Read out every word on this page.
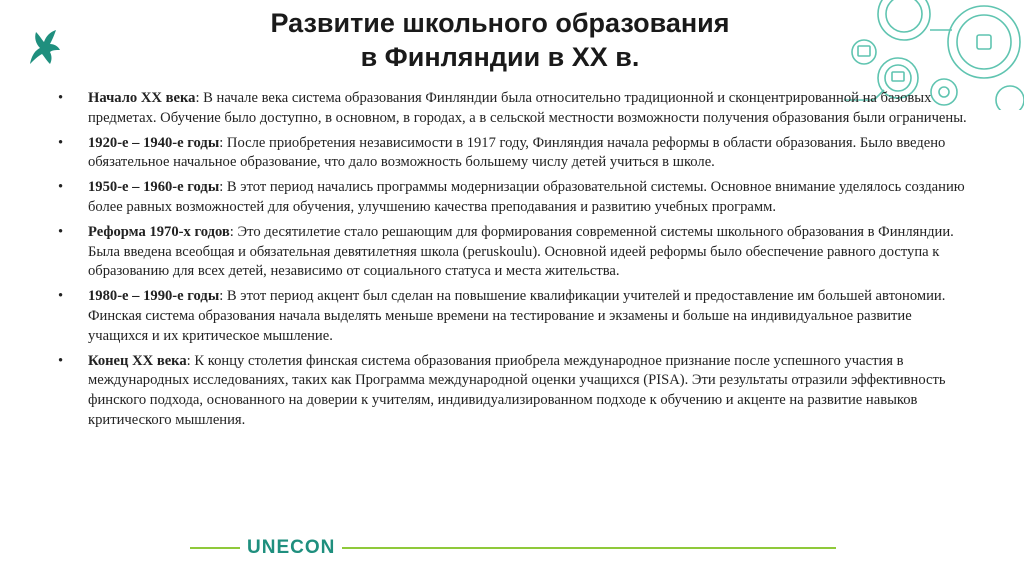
Развитие школьного образования
в Финляндии в XX в.
• Начало XX века: В начале века система образования Финляндии была относительно традиционной и сконцентрированной на базовых предметах. Обучение было доступно, в основном, в городах, а в сельской местности возможности получения образования были ограничены.
• 1920-е – 1940-е годы: После приобретения независимости в 1917 году, Финляндия начала реформы в области образования. Было введено обязательное начальное образование, что дало возможность большему числу детей учиться в школе.
• 1950-е – 1960-е годы: В этот период начались программы модернизации образовательной системы. Основное внимание уделялось созданию более равных возможностей для обучения, улучшению качества преподавания и развитию учебных программ.
• Реформа 1970-х годов: Это десятилетие стало решающим для формирования современной системы школьного образования в Финляндии. Была введена всеобщая и обязательная девятилетняя школа (peruskoulu). Основной идеей реформы было обеспечение равного доступа к образованию для всех детей, независимо от социального статуса и места жительства.
• 1980-е – 1990-е годы: В этот период акцент был сделан на повышение квалификации учителей и предоставление им большей автономии. Финская система образования начала выделять меньше времени на тестирование и экзамены и больше на индивидуальное развитие учащихся и их критическое мышление.
• Конец XX века: К концу столетия финская система образования приобрела международное признание после успешного участия в международных исследованиях, таких как Программа международной оценки учащихся (PISA). Эти результаты отразили эффективность финского подхода, основанного на доверии к учителям, индивидуализированном подходе к обучению и акценте на развитие навыков критического мышления.
UNECON
